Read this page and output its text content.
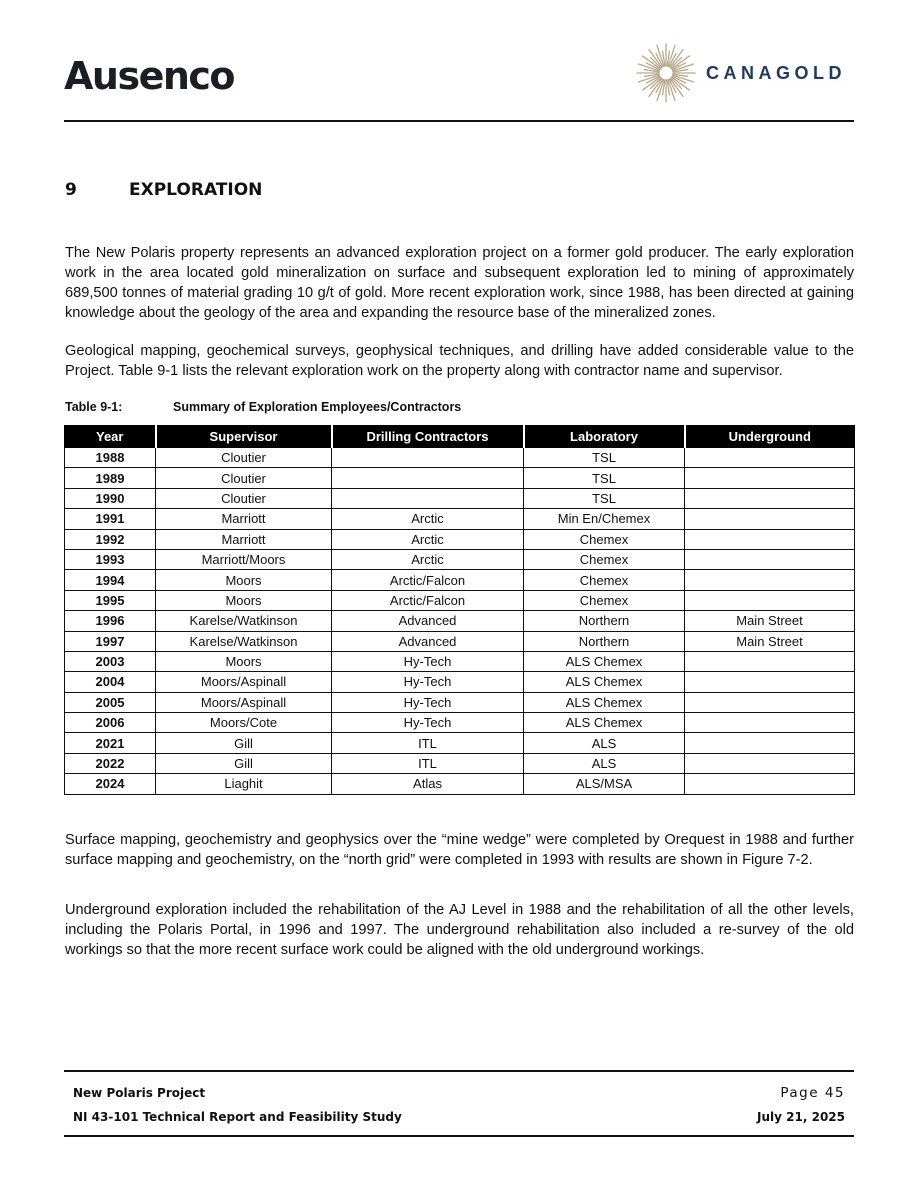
Ausenco	CANAGOLD
9	EXPLORATION

The New Polaris property represents an advanced exploration project on a former gold producer. The early exploration work in the area located gold mineralization on surface and subsequent exploration led to mining of approximately 689,500 tonnes of material grading 10 g/t of gold. More recent exploration work, since 1988, has been directed at gaining knowledge about the geology of the area and expanding the resource base of the mineralized zones.

Geological mapping, geochemical surveys, geophysical techniques, and drilling have added considerable value to the Project. Table 9-1 lists the relevant exploration work on the property along with contractor name and supervisor.

Table 9-1:	Summary of Exploration Employees/Contractors
Year	Supervisor	Drilling Contractors	Laboratory	Underground
1988	Cloutier		TSL	
1989	Cloutier		TSL	
1990	Cloutier		TSL	
1991	Marriott	Arctic	Min En/Chemex	
1992	Marriott	Arctic	Chemex	
1993	Marriott/Moors	Arctic	Chemex	
1994	Moors	Arctic/Falcon	Chemex	
1995	Moors	Arctic/Falcon	Chemex	
1996	Karelse/Watkinson	Advanced	Northern	Main Street
1997	Karelse/Watkinson	Advanced	Northern	Main Street
2003	Moors	Hy-Tech	ALS Chemex	
2004	Moors/Aspinall	Hy-Tech	ALS Chemex	
2005	Moors/Aspinall	Hy-Tech	ALS Chemex	
2006	Moors/Cote	Hy-Tech	ALS Chemex	
2021	Gill	ITL	ALS	
2022	Gill	ITL	ALS	
2024	Liaghit	Atlas	ALS/MSA	

Surface mapping, geochemistry and geophysics over the “mine wedge” were completed by Orequest in 1988 and further surface mapping and geochemistry, on the “north grid” were completed in 1993 with results are shown in Figure 7-2.

Underground exploration included the rehabilitation of the AJ Level in 1988 and the rehabilitation of all the other levels, including the Polaris Portal, in 1996 and 1997. The underground rehabilitation also included a re-survey of the old workings so that the more recent surface work could be aligned with the old underground workings.

New Polaris Project
NI 43-101 Technical Report and Feasibility Study
Page 45
July 21, 2025
